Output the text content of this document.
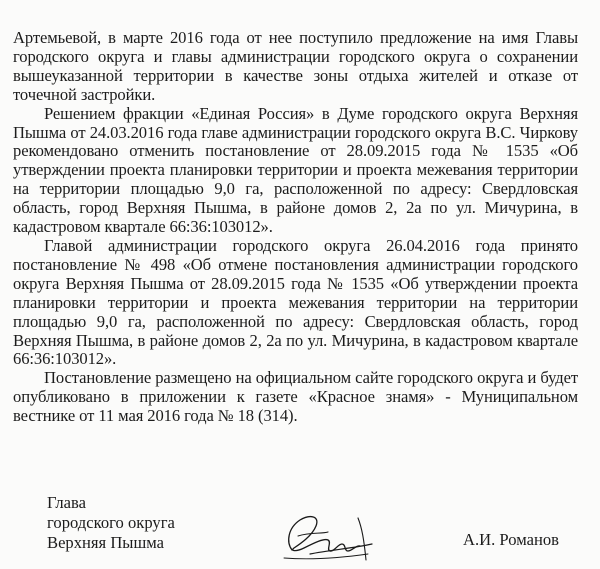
Артемьевой, в марте 2016 года от нее поступило предложение на имя Главы городского округа и главы администрации городского округа о сохранении вышеуказанной территории в качестве зоны отдыха жителей и отказе от точечной застройки.

Решением фракции «Единая Россия» в Думе городского округа Верхняя Пышма от 24.03.2016 года главе администрации городского округа В.С. Чиркову рекомендовано отменить постановление от 28.09.2015 года № 1535 «Об утверждении проекта планировки территории и проекта межевания территории на территории площадью 9,0 га, расположенной по адресу: Свердловская область, город Верхняя Пышма, в районе домов 2, 2а по ул. Мичурина, в кадастровом квартале 66:36:103012».

Главой администрации городского округа 26.04.2016 года принято постановление № 498 «Об отмене постановления администрации городского округа Верхняя Пышма от 28.09.2015 года № 1535 «Об утверждении проекта планировки территории и проекта межевания территории на территории площадью 9,0 га, расположенной по адресу: Свердловская область, город Верхняя Пышма, в районе домов 2, 2а по ул. Мичурина, в кадастровом квартале 66:36:103012».

Постановление размещено на официальном сайте городского округа и будет опубликовано в приложении к газете «Красное знамя» - Муниципальном вестнике от 11 мая 2016 года № 18 (314).

Глава
городского округа
Верхняя Пышма	А.И. Романов
